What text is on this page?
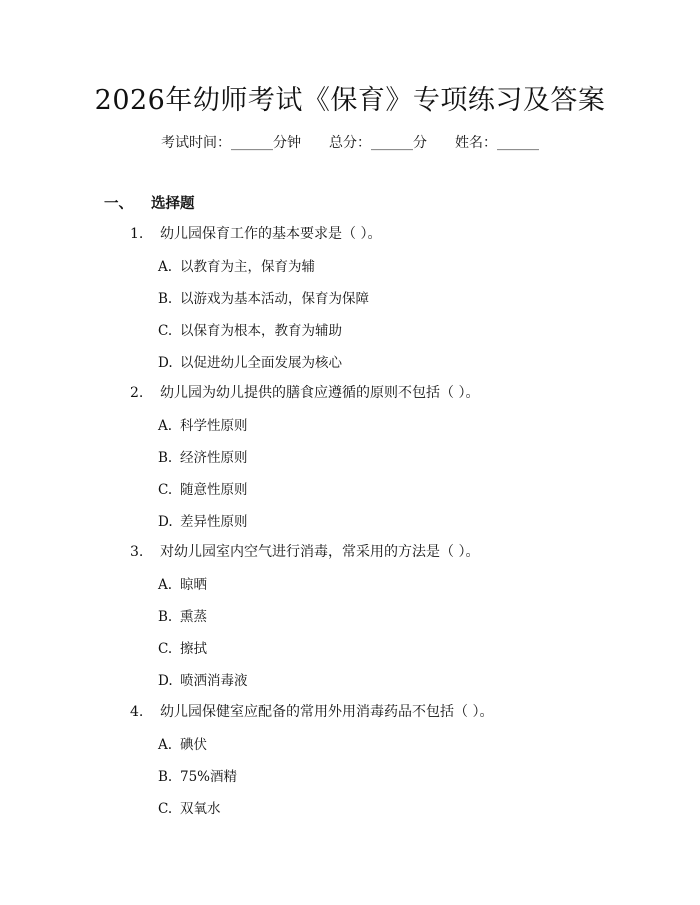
2026年幼师考试《保育》专项练习及答案
考试时间：______分钟 总分：______分 姓名：______
一、 选择题
1. 幼儿园保育工作的基本要求是（ ）。
A. 以教育为主，保育为辅
B. 以游戏为基本活动，保育为保障
C. 以保育为根本，教育为辅助
D. 以促进幼儿全面发展为核心
2. 幼儿园为幼儿提供的膳食应遵循的原则不包括（ ）。
A. 科学性原则
B. 经济性原则
C. 随意性原则
D. 差异性原则
3. 对幼儿园室内空气进行消毒，常采用的方法是（ ）。
A. 晾晒
B. 熏蒸
C. 擦拭
D. 喷洒消毒液
4. 幼儿园保健室应配备的常用外用消毒药品不包括（ ）。
A. 碘伏
B. 75%酒精
C. 双氧水
